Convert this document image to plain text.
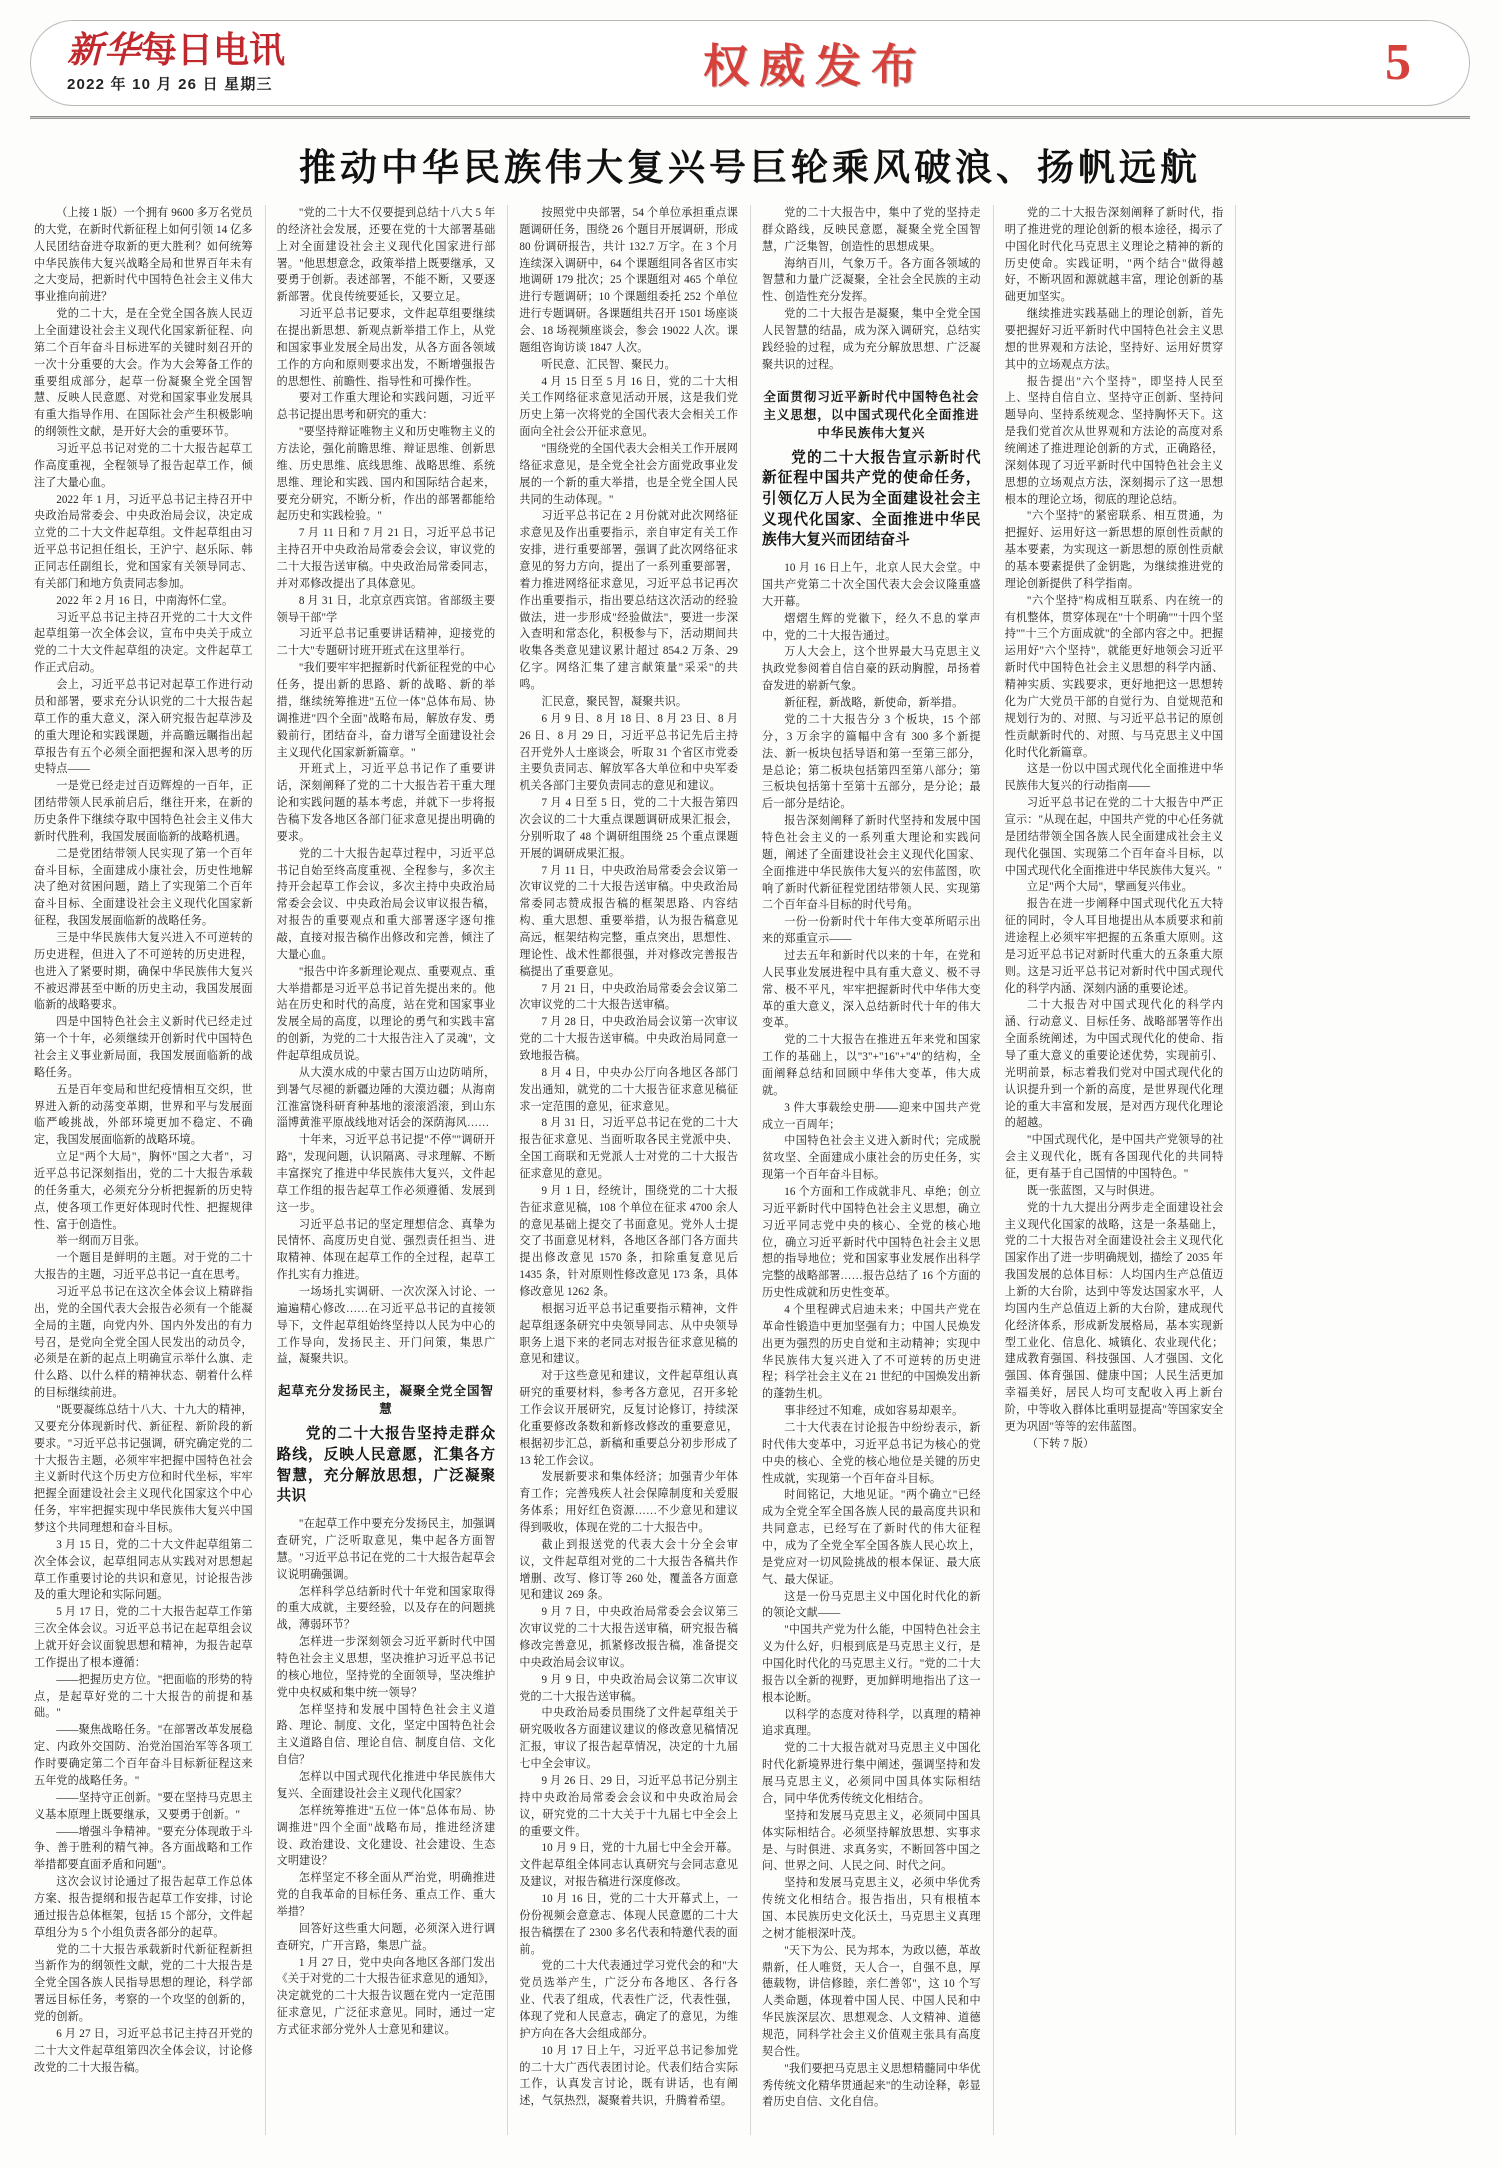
新华每日电讯
2022 年 10 月 26 日 星期三	权威发布	5
推动中华民族伟大复兴号巨轮乘风破浪、扬帆远航

（上接 1 版）一个拥有 9600 多万名党员的大党，在新时代新征程上如何引领 14 亿多人民团结奋进夺取新的更大胜利？如何统筹中华民族伟大复兴战略全局和世界百年未有之大变局，把新时代中国特色社会主义伟大事业推向前进？

党的二十大，是在全党全国各族人民迈上全面建设社会主义现代化国家新征程、向第二个百年奋斗目标进军的关键时刻召开的一次十分重要的大会。作为大会筹备工作的重要组成部分，起草一份凝聚全党全国智慧、反映人民意愿、对党和国家事业发展具有重大指导作用、在国际社会产生积极影响的纲领性文献，是开好大会的重要环节。

习近平总书记对党的二十大报告起草工作高度重视，全程领导了报告起草工作，倾注了大量心血。

2022 年 1 月，习近平总书记主持召开中央政治局常委会、中央政治局会议，决定成立党的二十大文件起草组。文件起草组由习近平总书记担任组长，王沪宁、赵乐际、韩正同志任副组长，党和国家有关领导同志、有关部门和地方负责同志参加。

2022 年 2 月 16 日，中南海怀仁堂。

习近平总书记主持召开党的二十大文件起草组第一次全体会议，宣布中央关于成立党的二十大文件起草组的决定。文件起草工作正式启动。

会上，习近平总书记对起草工作进行动员和部署，要求充分认识党的二十大报告起草工作的重大意义，深入研究报告起草涉及的重大理论和实践课题，并高瞻远瞩指出起草报告有五个必须全面把握和深入思考的历史特点——

一是党已经走过百迈辉煌的一百年，正团结带领人民承前启后，继往开来，在新的历史条件下继续夺取中国特色社会主义伟大新时代胜利，我国发展面临新的战略机遇。

二是党团结带领人民实现了第一个百年奋斗目标，全面建成小康社会，历史性地解决了绝对贫困问题，踏上了实现第二个百年奋斗目标、全面建设社会主义现代化国家新征程，我国发展面临新的战略任务。

三是中华民族伟大复兴进入不可逆转的历史进程，但进入了不可逆转的历史进程，也进入了紧要时期，确保中华民族伟大复兴不被迟滞甚至中断的历史主动，我国发展面临新的战略要求。

四是中国特色社会主义新时代已经走过第一个十年，必须继续开创新时代中国特色社会主义事业新局面，我国发展面临新的战略任务。

五是百年变局和世纪疫情相互交织，世界进入新的动荡变革期，世界和平与发展面临严峻挑战，外部环境更加不稳定、不确定，我国发展面临新的战略环境。

立足"两个大局"，胸怀"国之大者"，习近平总书记深刻指出，党的二十大报告承载的任务重大，必须充分分析把握新的历史特点，使各项工作更好体现时代性、把握规律性、富于创造性。

举一纲而万目张。

一个题目是鲜明的主题。对于党的二十大报告的主题，习近平总书记一直在思考。

习近平总书记在这次全体会议上精辟指出，党的全国代表大会报告必须有一个能凝全局的主题，向党内外、国内外发出的有力号召，是党向全党全国人民发出的动员令，必须是在新的起点上明确宣示举什么旗、走什么路、以什么样的精神状态、朝着什么样的目标继续前进。

"既要凝练总结十八大、十九大的精神，又要充分体现新时代、新征程、新阶段的新要求。"习近平总书记强调，研究确定党的二十大报告主题，必须牢牢把握中国特色社会主义新时代这个历史方位和时代坐标，牢牢把握全面建设社会主义现代化国家这个中心任务，牢牢把握实现中华民族伟大复兴中国梦这个共同理想和奋斗目标。

3 月 15 日，党的二十大文件起草组第二次全体会议，起草组同志从实践对对思想起草工作重要讨论的共识和意见，讨论报告涉及的重大理论和实际问题。

5 月 17 日，党的二十大报告起草工作第三次全体会议。习近平总书记在起草组会议上就开好会议面貌思想和精神，为报告起草工作提出了根本遵循：

——把握历史方位。"把面临的形势的特点，是起草好党的二十大报告的前提和基础。"

——聚焦战略任务。"在部署改革发展稳定、内政外交国防、治党治国治军等各项工作时要确定第二个百年奋斗目标新征程这来五年党的战略任务。"

——坚持守正创新。"要在坚持马克思主义基本原理上既要继承，又要勇于创新。"

——增强斗争精神。"要充分体现敢于斗争、善于胜利的精气神。各方面战略和工作举措都要直面矛盾和问题"。

这次会议讨论通过了报告起草工作总体方案、报告提纲和报告起草工作安排，讨论通过报告总体框架，包括 15 个部分，文件起草组分为 5 个小组负责各部分的起草。

党的二十大报告承载新时代新征程新担当新作为的纲领性文献，党的二十大报告是全党全国各族人民指导思想的理论，科学部署远目标任务，考察的一个攻坚的创新的，党的创新。

6 月 27 日，习近平总书记主持召开党的二十大文件起草组第四次全体会议，讨论修改党的二十大报告稿。

"党的二十大不仅要提到总结十八大 5 年的经济社会发展，还要在党的十大部署基础上对全面建设社会主义现代化国家进行部署。"他思想意念，政策举措上既要继承，又要勇于创新。表述部署，不能不断，又要逐新部署。优良传统要延长，又要立足。

习近平总书记要求，文件起草组要继续在提出新思想、新观点新举措工作上，从党和国家事业发展全局出发，从各方面各领域工作的方向和原则要求出发，不断增强报告的思想性、前瞻性、指导性和可操作性。

要对工作重大理论和实践问题，习近平总书记提出思考和研究的重大：

"要坚持辩证唯物主义和历史唯物主义的方法论，强化前瞻思维、辩证思维、创新思维、历史思维、底线思维、战略思维、系统思维、理论和实践、国内和国际结合起来，要充分研究，不断分析，作出的部署都能给起历史和实践检验。"

7 月 11 日和 7 月 21 日，习近平总书记主持召开中央政治局常委会会议，审议党的二十大报告送审稿。中央政治局常委同志，并对邓修改提出了具体意见。

8 月 31 日，北京京西宾馆。省部级主要领导干部"学

习近平总书记重要讲话精神，迎接党的二十大"专题研讨班开班式在这里举行。

"我们要牢牢把握新时代新征程党的中心任务，提出新的思路、新的战略、新的举措，继续统筹推进"五位一体"总体布局、协调推进"四个全面"战略布局，解放存发、勇毅前行，团结奋斗，奋力谱写全面建设社会主义现代化国家新新篇章。"

开班式上，习近平总书记作了重要讲话，深刻阐释了党的二十大报告若干重大理论和实践问题的基本考虑，并就下一步将报告稿下发各地区各部门征求意见提出明确的要求。

党的二十大报告起草过程中，习近平总书记自始至终高度重视、全程参与，多次主持开会起草工作会议，多次主持中央政治局常委会会议、中央政治局会议审议报告稿，对报告的重要观点和重大部署逐字逐句推敲，直接对报告稿作出修改和完善，倾注了大量心血。

"报告中许多新理论观点、重要观点、重大举措都是习近平总书记首先提出来的。他站在历史和时代的高度，站在党和国家事业发展全局的高度，以理论的勇气和实践丰富的创新，为党的二十大报告注入了灵魂"，文件起草组成员说。

从大漠水成的中蒙古国万山边防哨所，到暑气尽褪的新疆边陲的大漠边疆；从海南江淮富饶科研育种基地的滚滚滔滚，到山东淄博黄淮平原战线地对话会的深荫海风……

十年来，习近平总书记提"不停""调研开路"，发现问题，认识隔离、寻求理解、不断丰富探究了推进中华民族伟大复兴，文件起草工作组的报告起草工作必须遵循、发展到这一步。

习近平总书记的坚定理想信念、真挚为民情怀、高度历史自觉、强烈责任担当、进取精神、体现在起草工作的全过程，起草工作扎实有力推进。

一场场扎实调研、一次次深入讨论、一遍遍精心修改……在习近平总书记的直接领导下，文件起草组始终坚持以人民为中心的工作导向，发扬民主、开门问策，集思广益，凝聚共识。

起草充分发扬民主，凝聚全党全国智慧
党的二十大报告坚持走群众路线，反映人民意愿，汇集各方智慧，充分解放思想，广泛凝聚共识

"在起草工作中要充分发扬民主，加强调查研究，广泛听取意见，集中起各方面智慧。"习近平总书记在党的二十大报告起草会议说明确强调。

怎样科学总结新时代十年党和国家取得的重大成就，主要经验，以及存在的问题挑战，薄弱环节？

怎样进一步深刻领会习近平新时代中国特色社会主义思想，坚决推护习近平总书记的核心地位，坚持党的全面领导，坚决维护党中央权威和集中统一领导？

怎样坚持和发展中国特色社会主义道路、理论、制度、文化，坚定中国特色社会主义道路自信、理论自信、制度自信、文化自信？

怎样以中国式现代化推进中华民族伟大复兴、全面建设社会主义现代化国家？

怎样统筹推进"五位一体"总体布局、协调推进"四个全面"战略布局，推进经济建设、政治建设、文化建设、社会建设、生态文明建设？

怎样坚定不移全面从严治党，明确推进党的自我革命的目标任务、重点工作、重大举措？

回答好这些重大问题，必须深入进行调查研究，广开言路，集思广益。

1 月 27 日，党中央向各地区各部门发出《关于对党的二十大报告征求意见的通知》，决定就党的二十大报告议题在党内一定范围征求意见，广泛征求意见。同时，通过一定方式征求部分党外人士意见和建议。

按照党中央部署，54 个单位承担重点课题调研任务，围绕 26 个题目开展调研，形成 80 份调研报告，共计 132.7 万字。在 3 个月连续深入调研中，64 个课题组同各省区市实地调研 179 批次；25 个课题组对 465 个单位进行专题调研；10 个课题组委托 252 个单位进行专题调研。各课题组共召开 1501 场座谈会、18 场视频座谈会，参会 19022 人次。课题组咨询访谈 1847 人次。

听民意、汇民智、聚民力。

4 月 15 日至 5 月 16 日，党的二十大相关工作网络征求意见活动开展，这是我们党历史上第一次将党的全国代表大会相关工作面向全社会公开征求意见。

"围绕党的全国代表大会相关工作开展网络征求意见，是全党全社会方面党政事业发展的一个新的重大举措，也是全党全国人民共同的生动体现。"

习近平总书记在 2 月份就对此次网络征求意见及作出重要指示，亲自审定有关工作安排，进行重要部署，强调了此次网络征求意见的努力方向，提出了一系列重要部署，着力推进网络征求意见，习近平总书记再次作出重要指示，指出要总结这次活动的经验做法，进一步形成"经验做法"，要进一步深入查明和常态化，积极参与下，活动期间共收集各类意见建议累计超过 854.2 万条、29 亿字。网络汇集了建言献策量"采采"的共鸣。

汇民意，聚民智，凝聚共识。

6 月 9 日、8 月 18 日、8 月 23 日、8 月 26 日、8 月 29 日，习近平总书记先后主持召开党外人士座谈会，听取 31 个省区市党委主要负责同志、解放军各大单位和中央军委机关各部门主要负责同志的意见和建议。

7 月 4 日至 5 日，党的二十大报告第四次会议的二十大重点课题调研成果汇报会，分别听取了 48 个调研组围绕 25 个重点课题开展的调研成果汇报。

7 月 11 日，中央政治局常委会会议第一次审议党的二十大报告送审稿。中央政治局常委同志赞成报告稿的框架思路、内容结构、重大思想、重要举措，认为报告稿意见高远，框架结构完整，重点突出，思想性、理论性、战术性都很强，并对修改完善报告稿提出了重要意见。

7 月 21 日，中央政治局常委会会议第二次审议党的二十大报告送审稿。

7 月 28 日，中央政治局会议第一次审议党的二十大报告送审稿。中央政治局同意一致地报告稿。

8 月 4 日，中央办公厅向各地区各部门发出通知，就党的二十大报告征求意见稿征求一定范围的意见，征求意见。

8 月 31 日，习近平总书记在党的二十大报告征求意见、当面听取各民主党派中央、全国工商联和无党派人士对党的二十大报告征求意见的意见。

9 月 1 日，经统计，围绕党的二十大报告征求意见稿，108 个单位在征求 4700 余人的意见基础上提交了书面意见。党外人士提交了书面意见材料，各地区各部门各方面共提出修改意见 1570 条，扣除重复意见后 1435 条，针对原则性修改意见 173 条，具体修改意见 1262 条。

根据习近平总书记重要指示精神，文件起草组逐条研究中央领导同志、从中央领导职务上退下来的老同志对报告征求意见稿的意见和建议。

对于这些意见和建议，文件起草组认真研究的重要材料，参考各方意见，召开多轮工作会议开展研究，反复讨论修订，持续深化重要修改条数和新修改修改的重要意见，根据初步汇总，新稿和重要总分初步形成了 13 轮工作会议。

发展新要求和集体经济；加强青少年体育工作；完善残疾人社会保障制度和关爱服务体系；用好红色资源……不少意见和建议得到吸收，体现在党的二十大报告中。

截止到报送党的代表大会十分全会审议，文件起草组对党的二十大报告各稿共作增删、改写、修订等 260 处，覆盖各方面意见和建议 269 条。

9 月 7 日，中央政治局常委会会议第三次审议党的二十大报告送审稿，研究报告稿修改完善意见，抓紧修改报告稿，准备提交中央政治局会议审议。

9 月 9 日，中央政治局会议第二次审议党的二十大报告送审稿。

中央政治局委员围绕了文件起草组关于研究吸收各方面建议建议的修改意见稿情况汇报，审议了报告起草情况，决定的十九届七中全会审议。

9 月 26 日、29 日，习近平总书记分别主持中央政治局常委会会议和中央政治局会议，研究党的二十大关于十九届七中全会上的重要文件。

10 月 9 日，党的十九届七中全会开幕。文件起草组全体同志认真研究与会同志意见及建议，对报告稿进行深度修改。

10 月 16 日，党的二十大开幕式上，一份份视频会意意志、体现人民意愿的二十大报告稿摆在了 2300 多名代表和特邀代表的面前。

党的二十大代表通过学习党代会的和"大党员选举产生，广泛分布各地区、各行各业、代表了组成，代表性广泛，代表性强，体现了党和人民意志，确定了的意见，为维护方向在各大会组成部分。

10 月 17 日上午，习近平总书记参加党的二十大广西代表团讨论。代表们结合实际工作，认真发言讨论，既有讲话，也有阐述，气氛热烈，凝聚着共识，升腾着希望。

党的二十大报告中，集中了党的坚持走群众路线，反映民意愿，凝聚全党全国智慧，广泛集智，创造性的思想成果。

海纳百川，气象万千。各方面各领域的智慧和力量广泛凝聚，全社会全民族的主动性、创造性充分发挥。

党的二十大报告是凝聚，集中全党全国人民智慧的结晶，成为深入调研究，总结实践经验的过程，成为充分解放思想、广泛凝聚共识的过程。

全面贯彻习近平新时代中国特色社会主义思想，以中国式现代化全面推进中华民族伟大复兴
党的二十大报告宣示新时代新征程中国共产党的使命任务，引领亿万人民为全面建设社会主义现代化国家、全面推进中华民族伟大复兴而团结奋斗

10 月 16 日上午，北京人民大会堂。中国共产党第二十次全国代表大会会议隆重盛大开幕。

熠熠生辉的党徽下，经久不息的掌声中，党的二十大报告通过。

万人大会上，这个世界最大马克思主义执政党参阅着自信自豪的跃动胸膛，昂扬着奋发进的崭新气象。

新征程，新战略，新使命，新举措。

党的二十大报告分 3 个板块，15 个部分，3 万余字的篇幅中含有 300 多个新提法、新一板块包括导语和第一至第三部分，是总论；第二板块包括第四至第八部分；第三板块包括第十至第十五部分，是分论；最后一部分是结论。

报告深刻阐释了新时代坚持和发展中国特色社会主义的一系列重大理论和实践问题，阐述了全面建设社会主义现代化国家、全面推进中华民族伟大复兴的宏伟蓝图，吹响了新时代新征程党团结带领人民、实现第二个百年奋斗目标的时代号角。

一份一份新时代十年伟大变革所昭示出来的郑重宣示——

过去五年和新时代以来的十年，在党和人民事业发展进程中具有重大意义、极不寻常、极不平凡，牢牢把握新时代中华伟大变革的重大意义，深入总结新时代十年的伟大变革。

党的二十大报告在推进五年来党和国家工作的基础上，以"3"+"16"+"4"的结构，全面阐释总结和回顾中华伟大变革，伟大成就。

3 件大事载绘史册——迎来中国共产党成立一百周年；

中国特色社会主义进入新时代；完成脱贫攻坚、全面建成小康社会的历史任务，实现第一个百年奋斗目标。

16 个方面和工作成就非凡、卓绝；创立习近平新时代中国特色社会主义思想，确立习近平同志党中央的核心、全党的核心地位，确立习近平新时代中国特色社会主义思想的指导地位；党和国家事业发展作出科学完整的战略部署……报告总结了 16 个方面的历史性成就和历史性变革。

4 个里程碑式启迪未来；中国共产党在革命性锻造中更加坚强有力；中国人民焕发出更为强烈的历史自觉和主动精神；实现中华民族伟大复兴进入了不可逆转的历史进程；科学社会主义在 21 世纪的中国焕发出新的蓬勃生机。

事非经过不知难，成如容易却艰辛。

二十大代表在讨论报告中纷纷表示，新时代伟大变革中，习近平总书记为核心的党中央的核心、全党的核心地位是关键的历史性成就，实现第一个百年奋斗目标。

时间铭记，大地见证。"两个确立"已经成为全党全军全国各族人民的最高度共识和共同意志，已经写在了新时代的伟大征程中，成为了全党全军全国各族人民心坎上，是党应对一切风险挑战的根本保证、最大底气、最大保证。

这是一份马克思主义中国化时代化的新的领论文献——

"中国共产党为什么能，中国特色社会主义为什么好，归根到底是马克思主义行，是中国化时代化的马克思主义行。"党的二十大报告以全新的视野，更加鲜明地指出了这一根本论断。

以科学的态度对待科学，以真理的精神追求真理。

党的二十大报告就对马克思主义中国化时代化新境界进行集中阐述，强调坚持和发展马克思主义，必须同中国具体实际相结合，同中华优秀传统文化相结合。

坚持和发展马克思主义，必须同中国具体实际相结合。必须坚持解放思想、实事求是、与时俱进、求真务实，不断回答中国之问、世界之问、人民之问、时代之问。

坚持和发展马克思主义，必须中华优秀传统文化相结合。报告指出，只有根植本国、本民族历史文化沃土，马克思主义真理之树才能根深叶茂。

"天下为公、民为邦本，为政以德，革故鼎新，任人唯贤，天人合一，自强不息，厚德载物，讲信修睦，亲仁善邻"，这 10 个写人类命题，体现着中国人民、中国人民和中华民族深层次、思想观念、人文精神、道德规范，同科学社会主义价值观主张具有高度契合性。

"我们要把马克思主义思想精髓同中华优秀传统文化精华贯通起来"的生动诠释，彰显着历史自信、文化自信。

党的二十大报告深刻阐释了新时代，指明了推进党的理论创新的根本途径，揭示了中国化时代化马克思主义理论之精神的新的历史使命。实践证明，"两个结合"做得越好，不断巩固和源就越丰富，理论创新的基础更加坚实。

继续推进实践基础上的理论创新，首先要把握好习近平新时代中国特色社会主义思想的世界观和方法论，坚持好、运用好贯穿其中的立场观点方法。

报告提出"六个坚持"，即坚持人民至上、坚持自信自立、坚持守正创新、坚持问题导向、坚持系统观念、坚持胸怀天下。这是我们党首次从世界观和方法论的高度对系统阐述了推进理论创新的方式，正确路径，深刻体现了习近平新时代中国特色社会主义思想的立场观点方法，深刻揭示了这一思想根本的理论立场，彻底的理论总结。

"六个坚持"的紧密联系、相互贯通，为把握好、运用好这一新思想的原创性贡献的基本要素，为实现这一新思想的原创性贡献的基本要素提供了金钥匙，为继续推进党的理论创新提供了科学指南。

"六个坚持"构成相互联系、内在统一的有机整体，贯穿体现在"十个明确""十四个坚持""十三个方面成就"的全部内容之中。把握运用好"六个坚持"，就能更好地领会习近平新时代中国特色社会主义思想的科学内涵、精神实质、实践要求，更好地把这一思想转化为广大党员干部的自觉行为、自觉规范和规划行为的、对照、与习近平总书记的原创性贡献新时代的、对照、与马克思主义中国化时代化新篇章。

这是一份以中国式现代化全面推进中华民族伟大复兴的行动指南——

习近平总书记在党的二十大报告中严正宣示："从现在起，中国共产党的中心任务就是团结带领全国各族人民全面建成社会主义现代化强国、实现第二个百年奋斗目标，以中国式现代化全面推进中华民族伟大复兴。"

立足"两个大局"，擘画复兴伟业。

报告在进一步阐释中国式现代化五大特征的同时，令人耳目地提出从本质要求和前进途程上必须牢牢把握的五条重大原则。这是习近平总书记对新时代重大的五条重大原则。这是习近平总书记对新时代中国式现代化的科学内涵、深刻内涵的重要论述。

二十大报告对中国式现代化的科学内涵、行动意义、目标任务、战略部署等作出全面系统阐述，为中国式现代化的使命、指导了重大意义的重要论述优势，实现前引、光明前景，标志着我们党对中国式现代化的认识提升到一个新的高度，是世界现代化理论的重大丰富和发展，是对西方现代化理论的超越。

"中国式现代化，是中国共产党领导的社会主义现代化，既有各国现代化的共同特征，更有基于自己国情的中国特色。"

既一张蓝图，又与时俱进。

党的十九大提出分两步走全面建设社会主义现代化国家的战略，这是一条基础上，党的二十大报告对全面建设社会主义现代化国家作出了进一步明确规划，描绘了 2035 年我国发展的总体目标：人均国内生产总值迈上新的大台阶，达到中等发达国家水平，人均国内生产总值迈上新的大台阶，建成现代化经济体系，形成新发展格局，基本实现新型工业化、信息化、城镇化、农业现代化；建成教育强国、科技强国、人才强国、文化强国、体育强国、健康中国；人民生活更加幸福美好，居民人均可支配收入再上新台阶，中等收入群体比重明显提高"等国家安全更为巩固"等等的宏伟蓝图。

（下转 7 版）
